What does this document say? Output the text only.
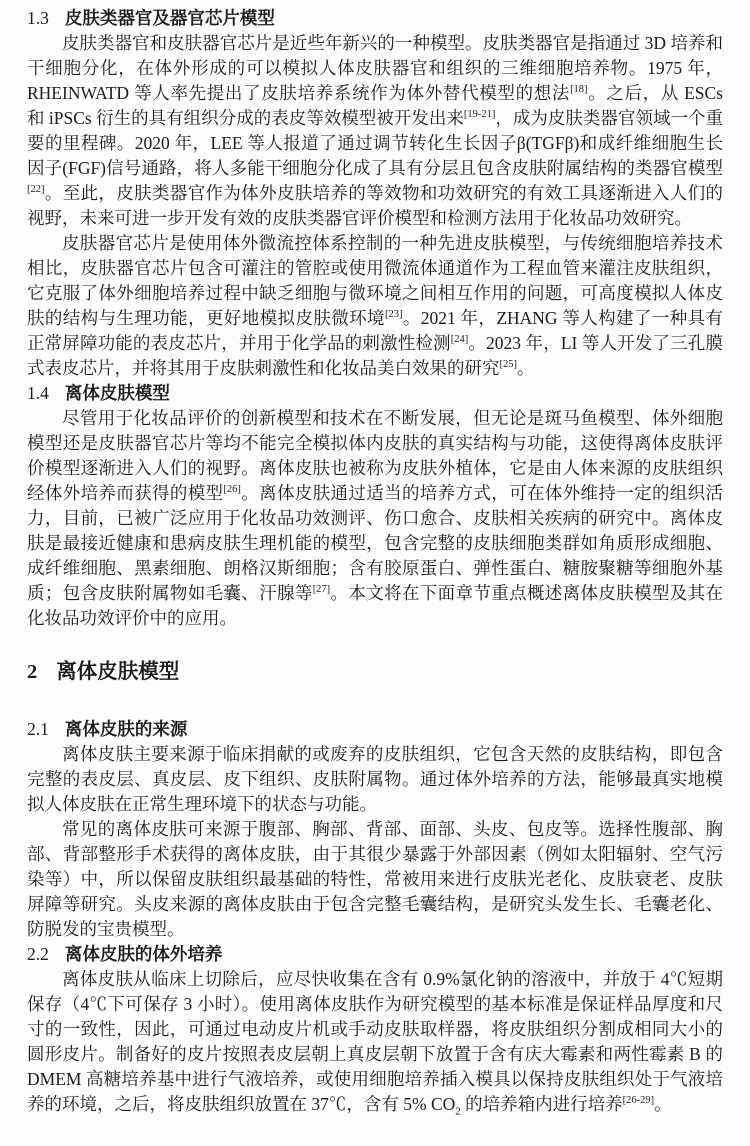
1.3 皮肤类器官及器官芯片模型

皮肤类器官和皮肤器官芯片是近些年新兴的一种模型。皮肤类器官是指通过 3D 培养和干细胞分化，在体外形成的可以模拟人体皮肤器官和组织的三维细胞培养物。1975 年，RHEINWATD 等人率先提出了皮肤培养系统作为体外替代模型的想法[18]。之后，从 ESCs 和 iPSCs 衍生的具有组织分成的表皮等效模型被开发出来[19-21]，成为皮肤类器官领域一个重要的里程碑。2020 年，LEE 等人报道了通过调节转化生长因子β(TGFβ)和成纤维细胞生长因子(FGF)信号通路，将人多能干细胞分化成了具有分层且包含皮肤附属结构的类器官模型[22]。至此，皮肤类器官作为体外皮肤培养的等效物和功效研究的有效工具逐渐进入人们的视野，未来可进一步开发有效的皮肤类器官评价模型和检测方法用于化妆品功效研究。

皮肤器官芯片是使用体外微流控体系控制的一种先进皮肤模型，与传统细胞培养技术相比，皮肤器官芯片包含可灌注的管腔或使用微流体通道作为工程血管来灌注皮肤组织，它克服了体外细胞培养过程中缺乏细胞与微环境之间相互作用的问题，可高度模拟人体皮肤的结构与生理功能，更好地模拟皮肤微环境[23]。2021 年，ZHANG 等人构建了一种具有正常屏障功能的表皮芯片，并用于化学品的刺激性检测[24]。2023 年，LI 等人开发了三孔膜式表皮芯片，并将其用于皮肤刺激性和化妆品美白效果的研究[25]。

1.4 离体皮肤模型

尽管用于化妆品评价的创新模型和技术在不断发展，但无论是斑马鱼模型、体外细胞模型还是皮肤器官芯片等均不能完全模拟体内皮肤的真实结构与功能，这使得离体皮肤评价模型逐渐进入人们的视野。离体皮肤也被称为皮肤外植体，它是由人体来源的皮肤组织经体外培养而获得的模型[26]。离体皮肤通过适当的培养方式，可在体外维持一定的组织活力，目前，已被广泛应用于化妆品功效测评、伤口愈合、皮肤相关疾病的研究中。离体皮肤是最接近健康和患病皮肤生理机能的模型，包含完整的皮肤细胞类群如角质形成细胞、成纤维细胞、黑素细胞、朗格汉斯细胞；含有胶原蛋白、弹性蛋白、糖胺聚糖等细胞外基质；包含皮肤附属物如毛囊、汗腺等[27]。本文将在下面章节重点概述离体皮肤模型及其在化妆品功效评价中的应用。

2 离体皮肤模型
2.1 离体皮肤的来源

离体皮肤主要来源于临床捐献的或废弃的皮肤组织，它包含天然的皮肤结构，即包含完整的表皮层、真皮层、皮下组织、皮肤附属物。通过体外培养的方法，能够最真实地模拟人体皮肤在正常生理环境下的状态与功能。

常见的离体皮肤可来源于腹部、胸部、背部、面部、头皮、包皮等。选择性腹部、胸部、背部整形手术获得的离体皮肤，由于其很少暴露于外部因素（例如太阳辐射、空气污染等）中，所以保留皮肤组织最基础的特性，常被用来进行皮肤光老化、皮肤衰老、皮肤屏障等研究。头皮来源的离体皮肤由于包含完整毛囊结构，是研究头发生长、毛囊老化、防脱发的宝贵模型。

2.2 离体皮肤的体外培养

离体皮肤从临床上切除后，应尽快收集在含有 0.9%氯化钠的溶液中，并放于 4℃短期保存（4℃下可保存 3 小时）。使用离体皮肤作为研究模型的基本标准是保证样品厚度和尺寸的一致性，因此，可通过电动皮片机或手动皮肤取样器，将皮肤组织分割成相同大小的圆形皮片。制备好的皮片按照表皮层朝上真皮层朝下放置于含有庆大霉素和两性霉素 B 的 DMEM 高糖培养基中进行气液培养，或使用细胞培养插入模具以保持皮肤组织处于气液培养的环境，之后，将皮肤组织放置在 37℃，含有 5% $CO_2$ 的培养箱内进行培养[26-29]。
